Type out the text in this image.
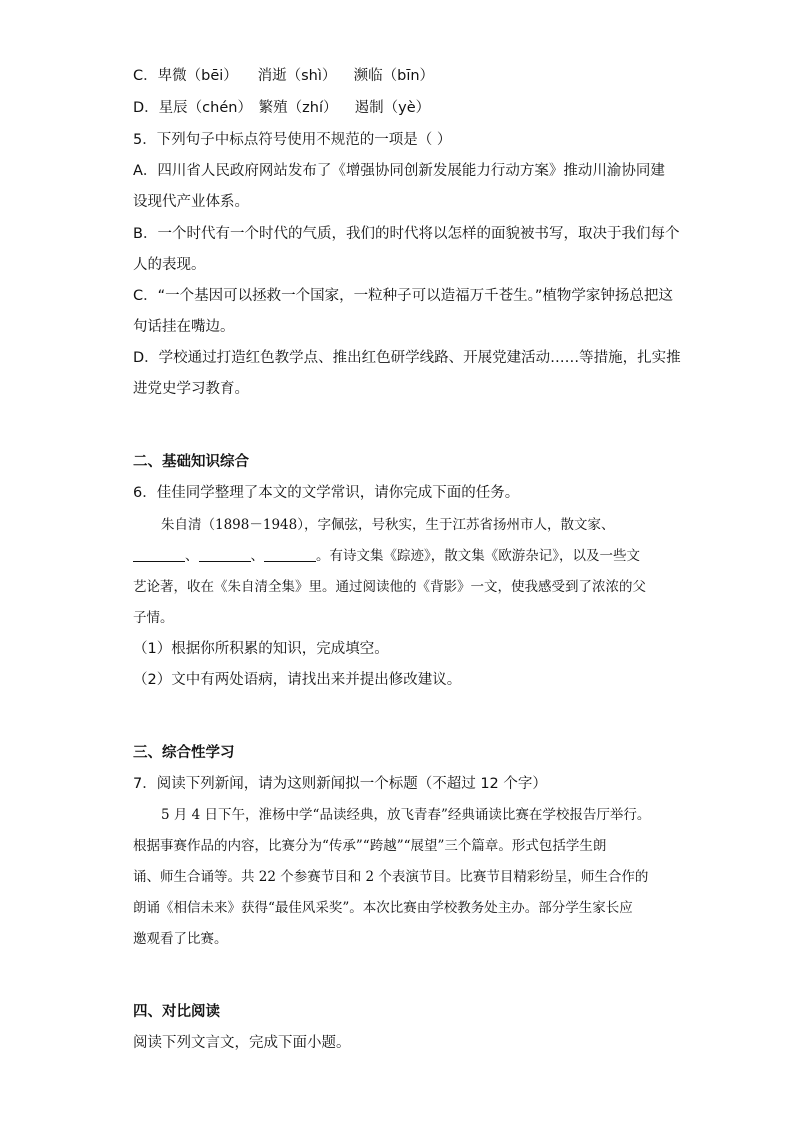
C．卑微（bēi） 消逝（shì） 濒临（bīn）
D．星辰（chén） 繁殖（zhí） 遏制（yè）
5．下列句子中标点符号使用不规范的一项是（ ）
A．四川省人民政府网站发布了《增强协同创新发展能力行动方案》推动川渝协同建
设现代产业体系。
B．一个时代有一个时代的气质，我们的时代将以怎样的面貌被书写，取决于我们每个
人的表现。
C．“一个基因可以拯救一个国家，一粒种子可以造福万千苍生。”植物学家钟扬总把这
句话挂在嘴边。
D．学校通过打造红色教学点、推出红色研学线路、开展党建活动……等措施，扎实推
进党史学习教育。
二、基础知识综合
6．佳佳同学整理了本文的文学常识，请你完成下面的任务。
朱自清（1898－1948），字佩弦，号秋实，生于江苏省扬州市人，散文家、
、	、	。有诗文集《踪迹》，散文集《欧游杂记》，以及一些文
艺论著，收在《朱自清全集》里。通过阅读他的《背影》一文，使我感受到了浓浓的父
子情。
（1）根据你所积累的知识，完成填空。
（2）文中有两处语病，请找出来并提出修改建议。
三、综合性学习
7．阅读下列新闻，请为这则新闻拟一个标题（不超过 12 个字）
5 月 4 日下午，淮杨中学“品读经典，放飞青春”经典诵读比赛在学校报告厅举行。
根据事赛作品的内容，比赛分为“传承”“跨越”“展望”三个篇章。形式包括学生朗
诵、师生合诵等。共 22 个参赛节目和 2 个表演节目。比赛节目精彩纷呈，师生合作的
朗诵《相信未来》获得“最佳风采奖”。本次比赛由学校教务处主办。部分学生家长应
邀观看了比赛。
四、对比阅读
阅读下列文言文，完成下面小题。
